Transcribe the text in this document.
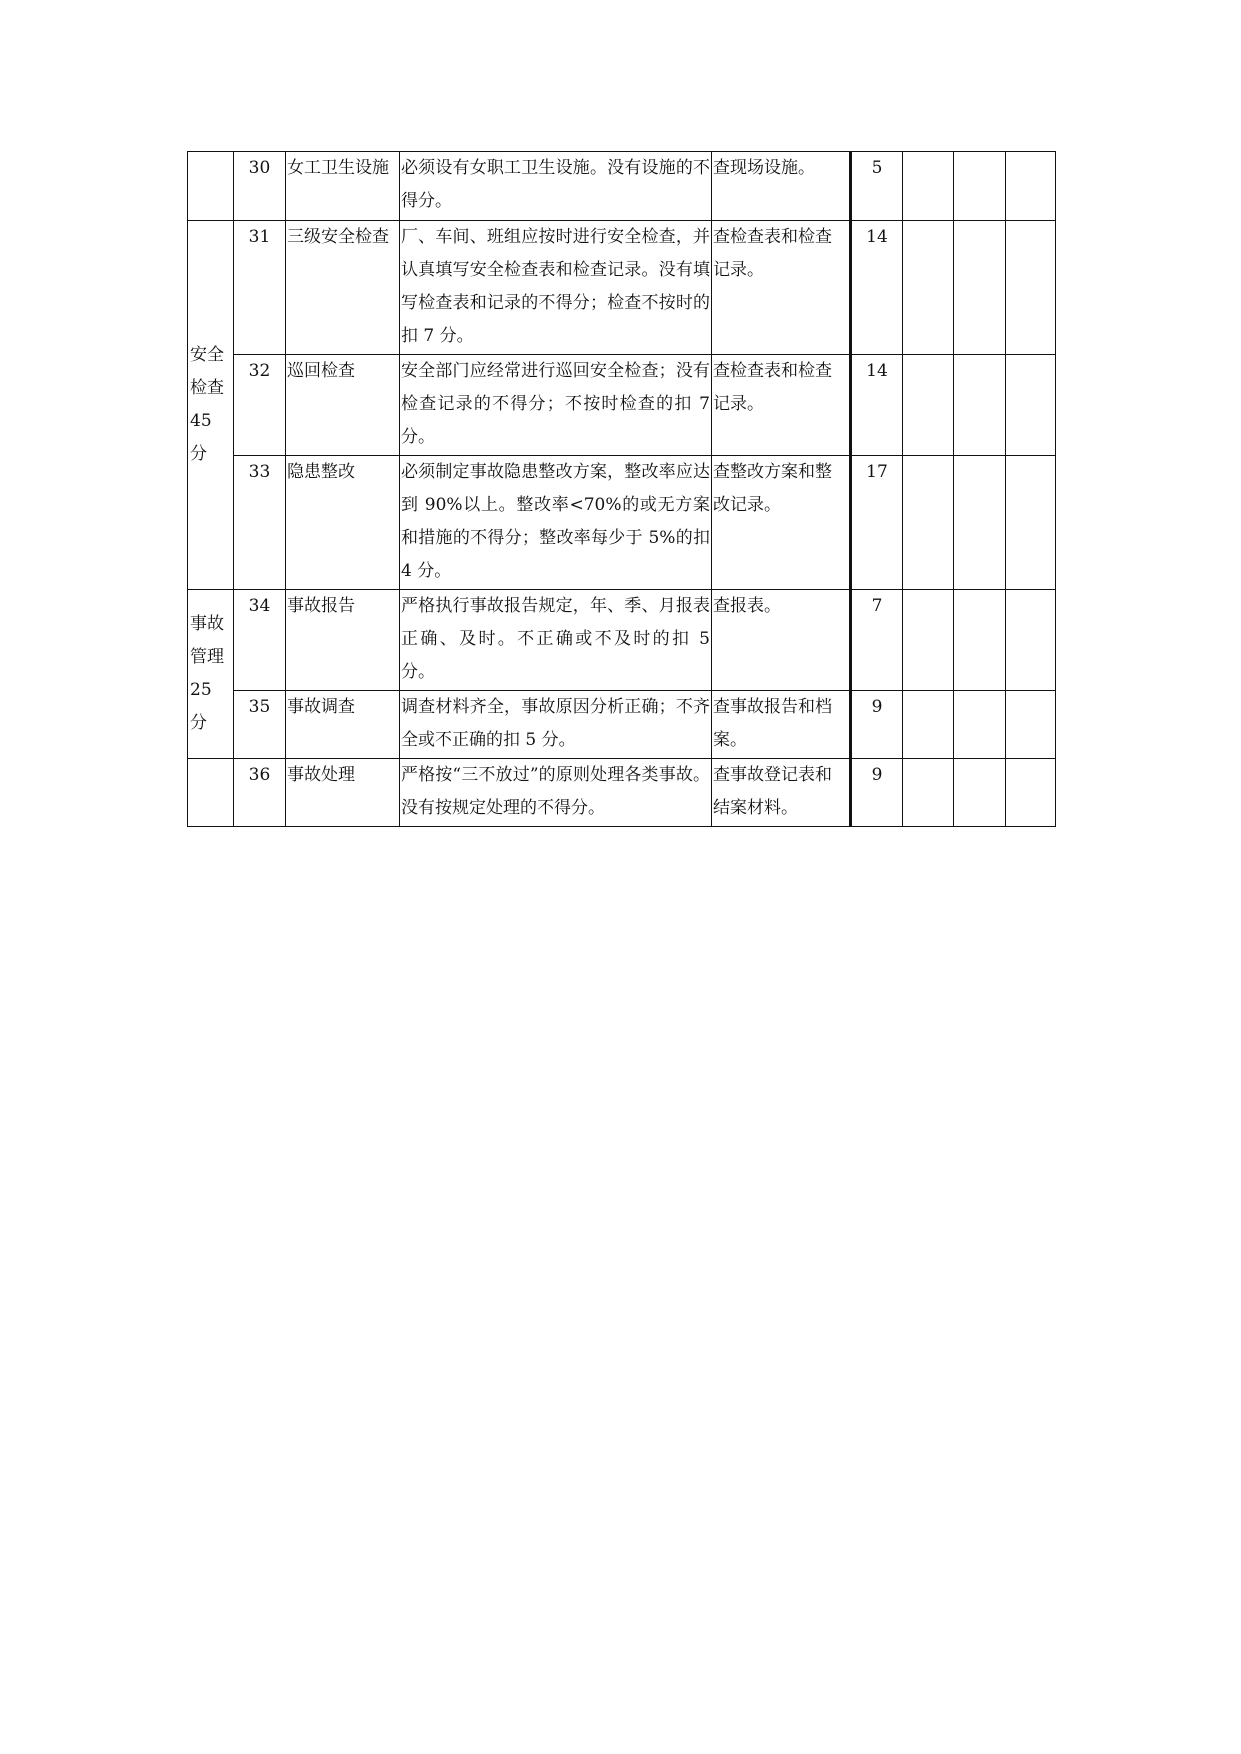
	30	女工卫生设施	必须设有女职工卫生设施。没有设施的不得分。	查现场设施。	5			

安全
检查
45 分	31	三级安全检查	厂、车间、班组应按时进行安全检查，并认真填写安全检查表和检查记录。没有填写检查表和记录的不得分；检查不按时的扣 7 分。	查检查表和检查记录。	14			
	32	巡回检查	安全部门应经常进行巡回安全检查；没有检查记录的不得分；不按时检查的扣 7 分。	查检查表和检查记录。	14			
	33	隐患整改	必须制定事故隐患整改方案，整改率应达到 90%以上。整改率<70%的或无方案和措施的不得分；整改率每少于 5%的扣 4 分。	查整改方案和整改记录。	17			

事故
管理
25 分	34	事故报告	严格执行事故报告规定，年、季、月报表正确、及时。不正确或不及时的扣 5 分。	查报表。	7			
	35	事故调查	调查材料齐全，事故原因分析正确；不齐全或不正确的扣 5 分。	查事故报告和档案。	9			
	36	事故处理	严格按“三不放过”的原则处理各类事故。没有按规定处理的不得分。	查事故登记表和结案材料。	9			
